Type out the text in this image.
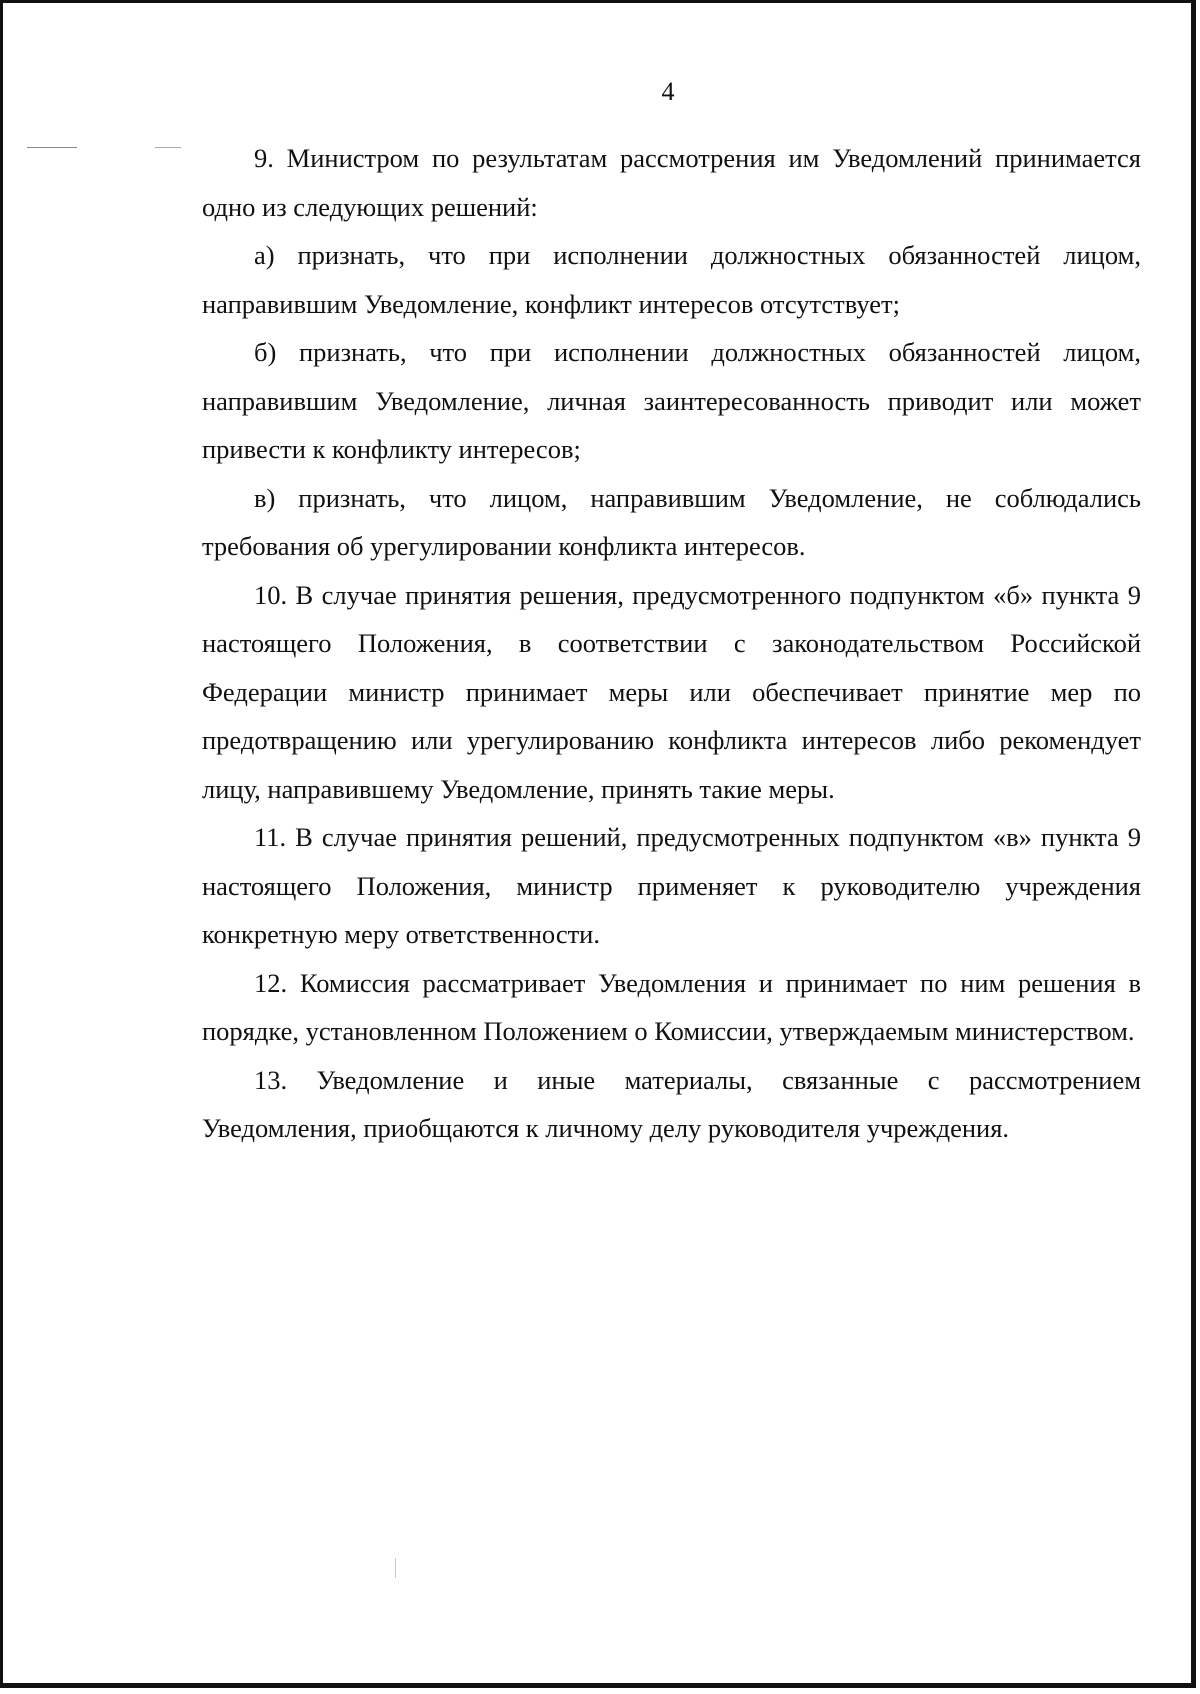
4

9. Министром по результатам рассмотрения им Уведомлений принимается одно из следующих решений:

а) признать, что при исполнении должностных обязанностей лицом, направившим Уведомление, конфликт интересов отсутствует;

б) признать, что при исполнении должностных обязанностей лицом, направившим Уведомление, личная заинтересованность приводит или может привести к конфликту интересов;

в) признать, что лицом, направившим Уведомление, не соблюдались требования об урегулировании конфликта интересов.

10. В случае принятия решения, предусмотренного подпунктом «б» пункта 9 настоящего Положения, в соответствии с законодательством Российской Федерации министр принимает меры или обеспечивает принятие мер по предотвращению или урегулированию конфликта интересов либо рекомендует лицу, направившему Уведомление, принять такие меры.

11. В случае принятия решений, предусмотренных подпунктом «в» пункта 9 настоящего Положения, министр применяет к руководителю учреждения конкретную меру ответственности.

12. Комиссия рассматривает Уведомления и принимает по ним решения в порядке, установленном Положением о Комиссии, утверждаемым министерством.

13. Уведомление и иные материалы, связанные с рассмотрением Уведомления, приобщаются к личному делу руководителя учреждения.
